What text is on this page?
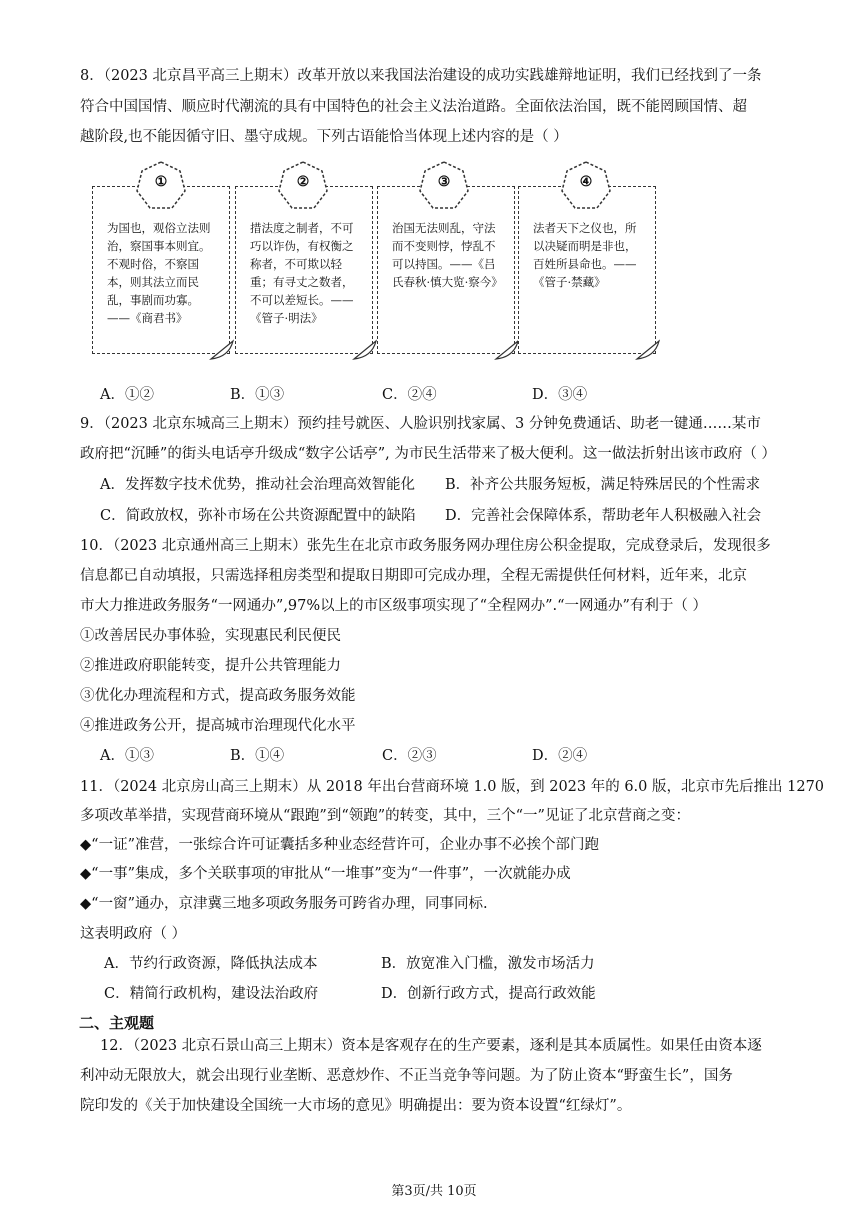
8．（2023 北京昌平高三上期末）改革开放以来我国法治建设的成功实践雄辩地证明，我们已经找到了一条
符合中国国情、顺应时代潮流的具有中国特色的社会主义法治道路。全面依法治国，既不能罔顾国情、超
越阶段,也不能因循守旧、墨守成规。下列古语能恰当体现上述内容的是（ ）
为国也，观俗立法则治，察国事本则宜。不观时俗，不察国本，则其法立而民乱，事剧而功寡。——《商君书》
①
措法度之制者，不可巧以诈伪，有权衡之称者，不可欺以轻重；有寻丈之数者，不可以差短长。——《管子·明法》
②
治国无法则乱，守法而不变则悖，悖乱不可以持国。——《吕氏春秋·慎大览·察今》
③
法者天下之仪也，所以决疑而明是非也，百姓所县命也。——《管子·禁藏》
④
A．①②	B．①③	C．②④	D．③④
9．（2023 北京东城高三上期末）预约挂号就医、人脸识别找家属、3 分钟免费通话、助老一键通……某市
政府把“沉睡”的街头电话亭升级成“数字公话亭”, 为市民生活带来了极大便利。这一做法折射出该市政府（ ）
A．发挥数字技术优势，推动社会治理高效智能化 B．补齐公共服务短板，满足特殊居民的个性需求
C．简政放权，弥补市场在公共资源配置中的缺陷 D．完善社会保障体系，帮助老年人积极融入社会
10．（2023 北京通州高三上期末）张先生在北京市政务服务网办理住房公积金提取，完成登录后，发现很多
信息都已自动填报，只需选择租房类型和提取日期即可完成办理，全程无需提供任何材料，近年来，北京
市大力推进政务服务“一网通办”,97%以上的市区级事项实现了“全程网办”.“一网通办”有利于（ ）
①改善居民办事体验，实现惠民利民便民
②推进政府职能转变，提升公共管理能力
③优化办理流程和方式，提高政务服务效能
④推进政务公开，提高城市治理现代化水平
A．①③	B．①④	C．②③	D．②④
11．（2024 北京房山高三上期末）从 2018 年出台营商环境 1.0 版，到 2023 年的 6.0 版，北京市先后推出 1270
多项改革举措，实现营商环境从“跟跑”到“领跑”的转变，其中，三个“一”见证了北京营商之变：
◆“一证”准营，一张综合许可证囊括多种业态经营许可，企业办事不必挨个部门跑
◆“一事”集成，多个关联事项的审批从“一堆事”变为“一件事”，一次就能办成
◆“一窗”通办，京津冀三地多项政务服务可跨省办理，同事同标.
这表明政府（ ）
A．节约行政资源，降低执法成本	B．放宽准入门槛，激发市场活力
C．精简行政机构，建设法治政府	D．创新行政方式，提高行政效能
二、主观题
12．（2023 北京石景山高三上期末）资本是客观存在的生产要素，逐利是其本质属性。如果任由资本逐
利冲动无限放大，就会出现行业垄断、恶意炒作、不正当竞争等问题。为了防止资本“野蛮生长”，国务
院印发的《关于加快建设全国统一大市场的意见》明确提出：要为资本设置“红绿灯”。
第3页/共 10页
